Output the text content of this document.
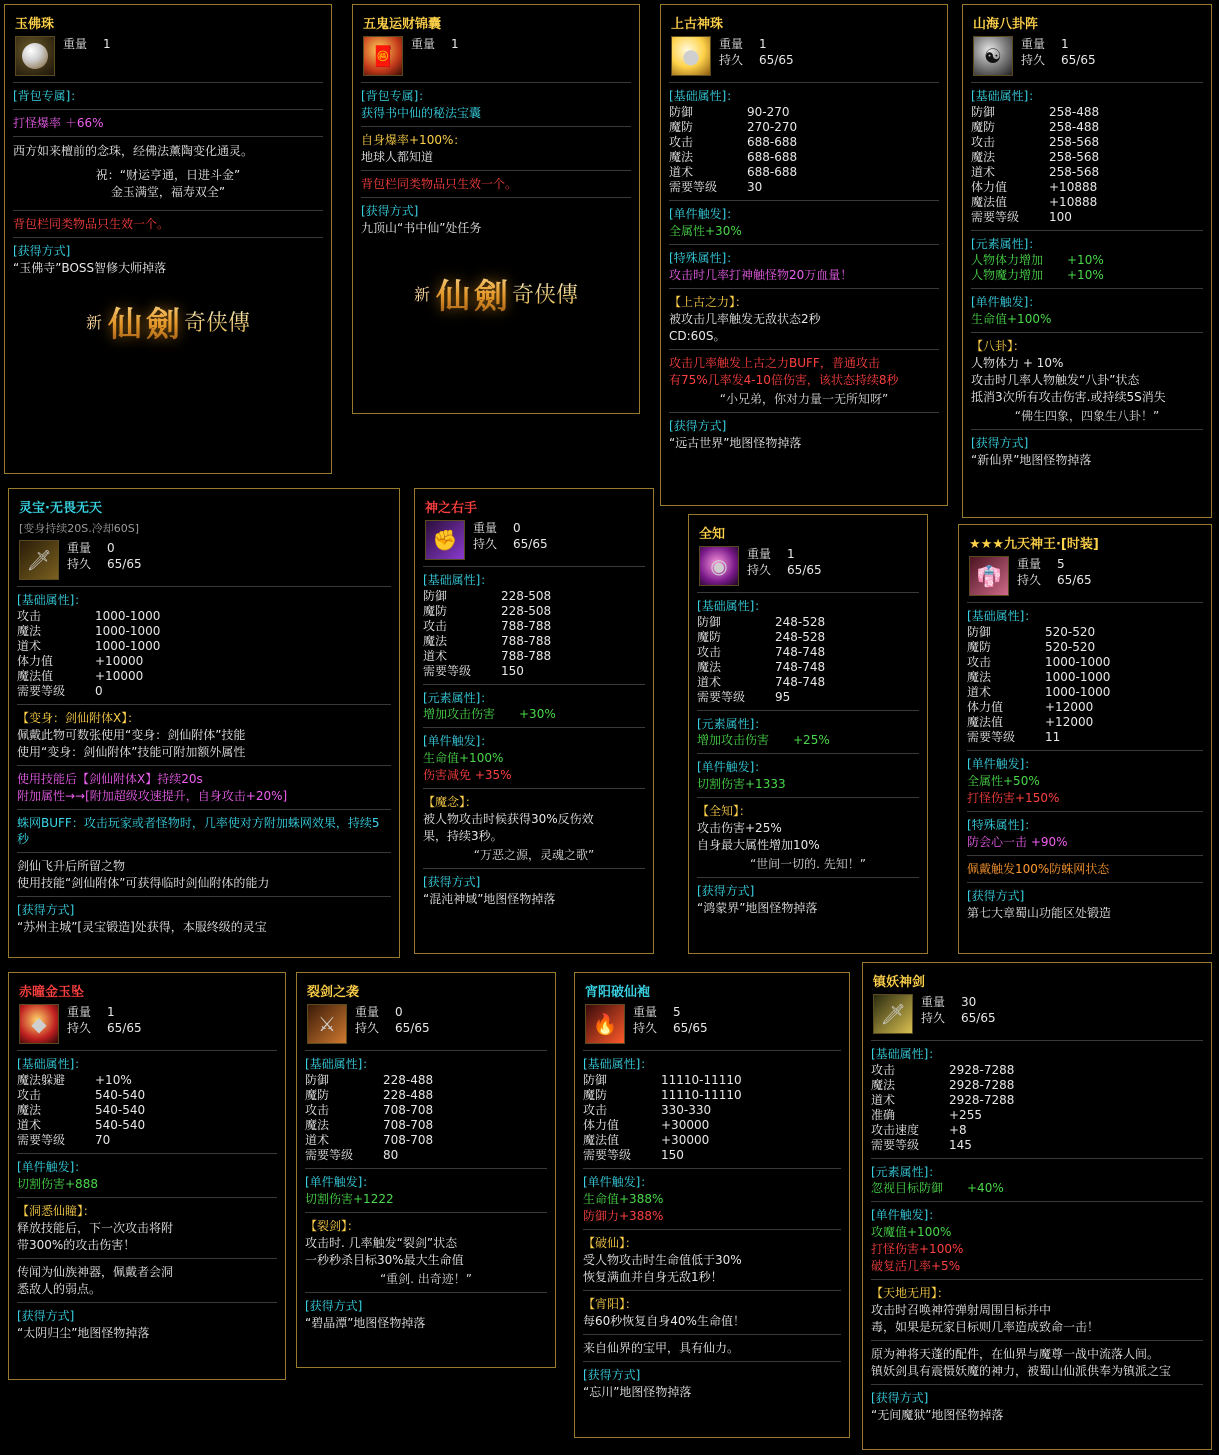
玉佛珠
重量	1
[背包专属]：
打怪爆率 ＋66%
西方如来檀前的念珠，经佛法薰陶变化通灵。
祝：“财运亨通，日进斗金”
金玉满堂，福寿双全”
背包栏同类物品只生效一个。
[获得方式]
“玉佛寺”BOSS智修大师掉落
新 仙劍 奇侠傳
五鬼运财锦囊
🧧	重量	1
[背包专属]：
获得书中仙的秘法宝囊
自身爆率+100%：
地球人都知道
背包栏同类物品只生效一个。
[获得方式]
九顶山“书中仙”处任务
新 仙劍 奇侠傳
上古神珠
●	重量	1
持久	65/65
[基础属性]：
防御	90-270
魔防	270-270
攻击	688-688
魔法	688-688
道术	688-688
需要等级	30
[单件触发]：
全属性+30%
[特殊属性]：
攻击时几率打神触怪物20万血量！
【上古之力】：
被攻击几率触发无敌状态2秒
CD:60S。
攻击几率触发上古之力BUFF，普通攻击
有75%几率发4-10倍伤害，该状态持续8秒
“小兄弟，你对力量一无所知呀”
[获得方式]
“远古世界”地图怪物掉落
山海八卦阵
☯	重量	1
持久	65/65
[基础属性]：
防御	258-488
魔防	258-488
攻击	258-568
魔法	258-568
道术	258-568
体力值	+10888
魔法值	+10888
需要等级	100
[元素属性]：
人物体力增加	+10%
人物魔力增加	+10%
[单件触发]：
生命值+100%
【八卦】：
人物体力 + 10%
攻击时几率人物触发“八卦”状态
抵消3次所有攻击伤害.或持续5S消失
“佛生四象，四象生八卦！”
[获得方式]
“新仙界”地图怪物掉落
灵宝·无畏无天
[变身持续20S.冷却60S]
🗡	重量	0
持久	65/65
[基础属性]：
攻击	1000-1000
魔法	1000-1000
道术	1000-1000
体力值	+10000
魔法值	+10000
需要等级	0
【变身：剑仙附体Ⅹ】：
佩戴此物可数张使用“变身：剑仙附体”技能
使用“变身：剑仙附体”技能可附加额外属性
使用技能后【剑仙附体Ⅹ】持续20s
附加属性→→[附加超级攻速提升，自身攻击+20%]
蛛网BUFF：攻击玩家或者怪物时，几率使对方附加蛛网效果，持续5秒
剑仙飞升后所留之物
使用技能“剑仙附体”可获得临时剑仙附体的能力
[获得方式]
“苏州主城”[灵宝锻造]处获得，本服终级的灵宝
神之右手
✊	重量	0
持久	65/65
[基础属性]：
防御	228-508
魔防	228-508
攻击	788-788
魔法	788-788
道术	788-788
需要等级	150
[元素属性]：
增加攻击伤害	+30%
[单件触发]：
生命值+100%
伤害减免 +35%
【魔念】：
被人物攻击时候获得30%反伤效
果，持续3秒。
“万恶之源，灵魂之歌”
[获得方式]
“混沌神域”地图怪物掉落
全知
◉	重量	1
持久	65/65
[基础属性]：
防御	248-528
魔防	248-528
攻击	748-748
魔法	748-748
道术	748-748
需要等级	95
[元素属性]：
增加攻击伤害	+25%
[单件触发]：
切割伤害+1333
【全知】：
攻击伤害+25%
自身最大属性增加10%
“世间一切的. 先知！”
[获得方式]
“鸿蒙界”地图怪物掉落
★★★九天神王·[时装]
👘	重量	5
持久	65/65
[基础属性]：
防御	520-520
魔防	520-520
攻击	1000-1000
魔法	1000-1000
道术	1000-1000
体力值	+12000
魔法值	+12000
需要等级	11
[单件触发]：
全属性+50%
打怪伤害+150%
[特殊属性]：
防会心一击 +90%
佩戴触发100%防蛛网状态
[获得方式]
第七大章蜀山功能区处锻造
赤曈金玉坠
◆	重量	1
持久	65/65
[基础属性]：
魔法躲避	+10%
攻击	540-540
魔法	540-540
道术	540-540
需要等级	70
[单件触发]：
切割伤害+888
【洞悉仙瞳】：
释放技能后，下一次攻击将附
带300%的攻击伤害！
传闻为仙族神器，佩戴者会洞
悉敌人的弱点。
[获得方式]
“太阴归尘”地图怪物掉落
裂剑之袭
⚔	重量	0
持久	65/65
[基础属性]：
防御	228-488
魔防	228-488
攻击	708-708
魔法	708-708
道术	708-708
需要等级	80
[单件触发]：
切割伤害+1222
【裂剑】：
攻击时. 几率触发“裂剑”状态
一秒秒杀目标30%最大生命值
“重剑. 出奇迹！”
[获得方式]
“碧晶潭”地图怪物掉落
宵阳破仙袍
🔥	重量	5
持久	65/65
[基础属性]：
防御	11110-11110
魔防	11110-11110
攻击	330-330
体力值	+30000
魔法值	+30000
需要等级	150
[单件触发]：
生命值+388%
防御力+388%
【破仙】：
受人物攻击时生命值低于30%
恢复满血并自身无敌1秒！
【宵阳】：
每60秒恢复自身40%生命值！
来自仙界的宝甲，具有仙力。
[获得方式]
“忘川”地图怪物掉落
镇妖神剑
🗡	重量	30
持久	65/65
[基础属性]：
攻击	2928-7288
魔法	2928-7288
道术	2928-7288
准确	+255
攻击速度	+8
需要等级	145
[元素属性]：
忽视目标防御	+40%
[单件触发]：
攻魔值+100%
打怪伤害+100%
破复活几率+5%
【天地无用】：
攻击时召唤神符弹射周围目标并中
毒，如果是玩家目标则几率造成致命一击！
原为神将天蓬的配件，在仙界与魔尊一战中流落人间。
镇妖剑具有震慑妖魔的神力，被蜀山仙派供奉为镇派之宝
[获得方式]
“无间魔狱”地图怪物掉落
